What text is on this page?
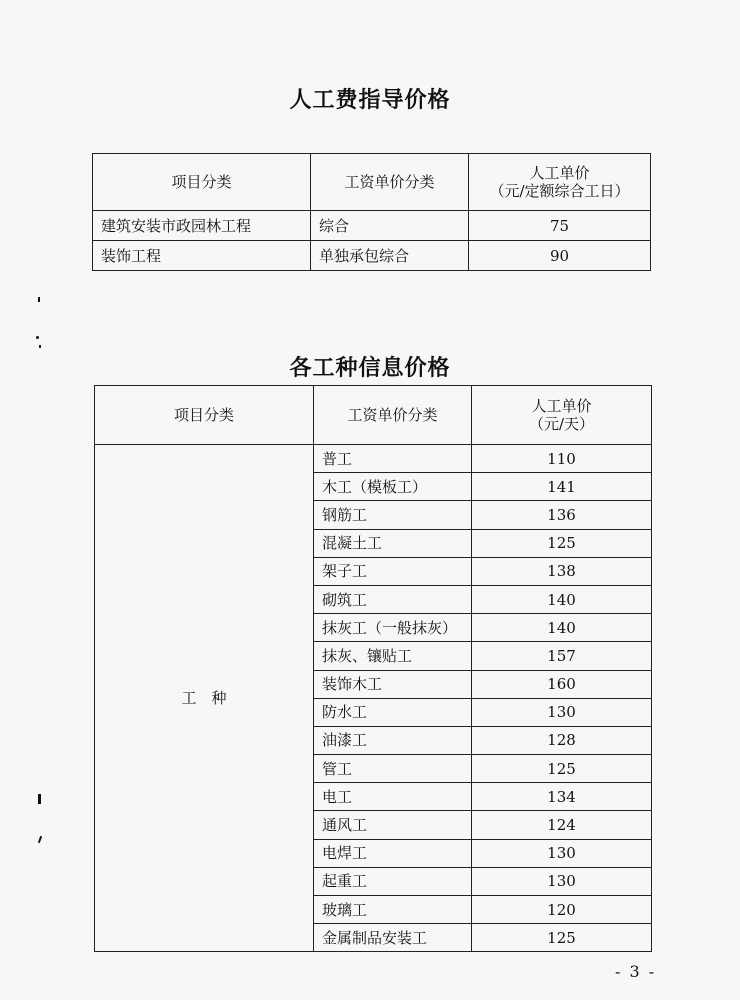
人工费指导价格
项目分类	工资单价分类	人工单价
（元/定额综合工日）

建筑安装市政园林工程	综合	75
装饰工程	单独承包综合	90
各工种信息价格
项目分类	工资单价分类	人工单价
（元/天）

工　种	普工	110
	木工（模板工）	141
	钢筋工	136
	混凝土工	125
	架子工	138
	砌筑工	140
	抹灰工（一般抹灰）	140
	抹灰、镶贴工	157
	装饰木工	160
	防水工	130
	油漆工	128
	管工	125
	电工	134
	通风工	124
	电焊工	130
	起重工	130
	玻璃工	120
	金属制品安装工	125
- 3 -
